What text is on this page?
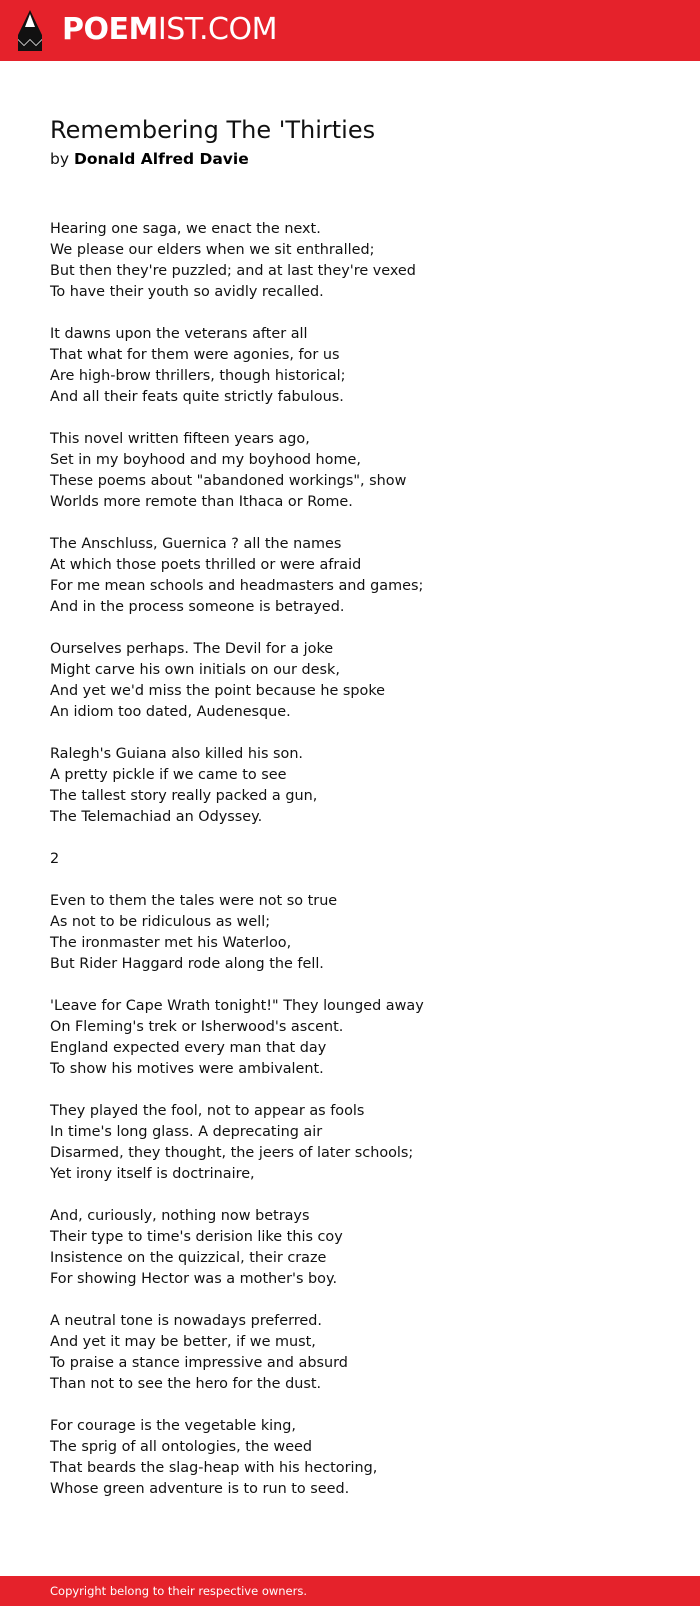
POEMIST.COM
Remembering The 'Thirties
by Donald Alfred Davie
Hearing one saga, we enact the next.
We please our elders when we sit enthralled;
But then they're puzzled; and at last they're vexed
To have their youth so avidly recalled.
It dawns upon the veterans after all
That what for them were agonies, for us
Are high-brow thrillers, though historical;
And all their feats quite strictly fabulous.
This novel written fifteen years ago,
Set in my boyhood and my boyhood home,
These poems about "abandoned workings", show
Worlds more remote than Ithaca or Rome.
The Anschluss, Guernica ? all the names
At which those poets thrilled or were afraid
For me mean schools and headmasters and games;
And in the process someone is betrayed.
Ourselves perhaps. The Devil for a joke
Might carve his own initials on our desk,
And yet we'd miss the point because he spoke
An idiom too dated, Audenesque.
Ralegh's Guiana also killed his son.
A pretty pickle if we came to see
The tallest story really packed a gun,
The Telemachiad an Odyssey.
2
Even to them the tales were not so true
As not to be ridiculous as well;
The ironmaster met his Waterloo,
But Rider Haggard rode along the fell.
'Leave for Cape Wrath tonight!" They lounged away
On Fleming's trek or Isherwood's ascent.
England expected every man that day
To show his motives were ambivalent.
They played the fool, not to appear as fools
In time's long glass. A deprecating air
Disarmed, they thought, the jeers of later schools;
Yet irony itself is doctrinaire,
And, curiously, nothing now betrays
Their type to time's derision like this coy
Insistence on the quizzical, their craze
For showing Hector was a mother's boy.
A neutral tone is nowadays preferred.
And yet it may be better, if we must,
To praise a stance impressive and absurd
Than not to see the hero for the dust.
For courage is the vegetable king,
The sprig of all ontologies, the weed
That beards the slag-heap with his hectoring,
Whose green adventure is to run to seed.
Copyright belong to their respective owners.
